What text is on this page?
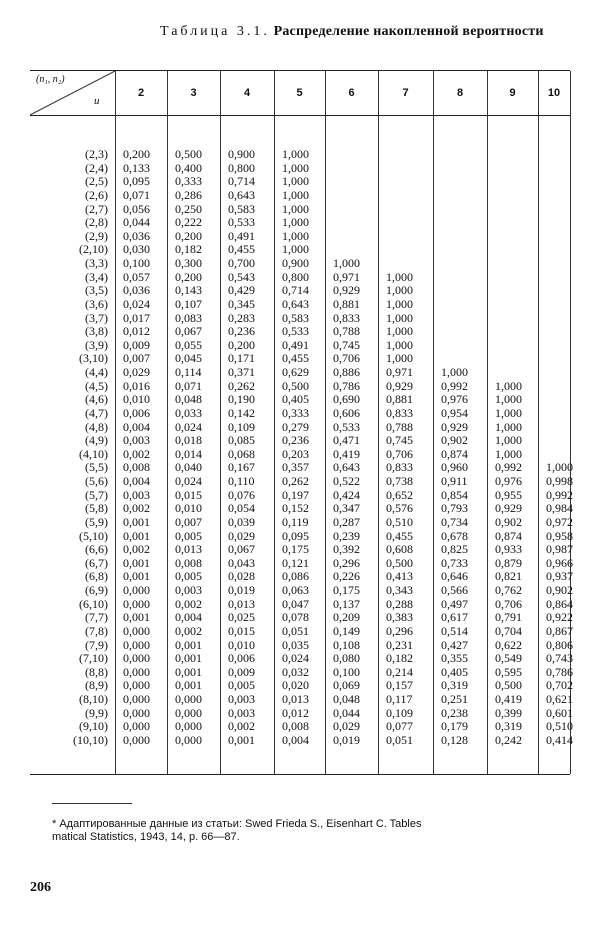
Таблица 3.1. Распределение накопленной вероятности
(n₁, n₂)
u
2	3	4	5	6	7	8	9	10
(2,3) 0,200 0,500 0,900 1,000
(2,4) 0,133 0,400 0,800 1,000
(2,5) 0,095 0,333 0,714 1,000
(2,6) 0,071 0,286 0,643 1,000
(2,7) 0,056 0,250 0,583 1,000
(2,8) 0,044 0,222 0,533 1,000
(2,9) 0,036 0,200 0,491 1,000
(2,10) 0,030 0,182 0,455 1,000
(3,3) 0,100 0,300 0,700 0,900 1,000
(3,4) 0,057 0,200 0,543 0,800 0,971 1,000
(3,5) 0,036 0,143 0,429 0,714 0,929 1,000
(3,6) 0,024 0,107 0,345 0,643 0,881 1,000
(3,7) 0,017 0,083 0,283 0,583 0,833 1,000
(3,8) 0,012 0,067 0,236 0,533 0,788 1,000
(3,9) 0,009 0,055 0,200 0,491 0,745 1,000
(3,10) 0,007 0,045 0,171 0,455 0,706 1,000
(4,4) 0,029 0,114 0,371 0,629 0,886 0,971 1,000
(4,5) 0,016 0,071 0,262 0,500 0,786 0,929 0,992 1,000
(4,6) 0,010 0,048 0,190 0,405 0,690 0,881 0,976 1,000
(4,7) 0,006 0,033 0,142 0,333 0,606 0,833 0,954 1,000
(4,8) 0,004 0,024 0,109 0,279 0,533 0,788 0,929 1,000
(4,9) 0,003 0,018 0,085 0,236 0,471 0,745 0,902 1,000
(4,10) 0,002 0,014 0,068 0,203 0,419 0,706 0,874 1,000
(5,5) 0,008 0,040 0,167 0,357 0,643 0,833 0,960 0,992 1,000
(5,6) 0,004 0,024 0,110 0,262 0,522 0,738 0,911 0,976 0,998
(5,7) 0,003 0,015 0,076 0,197 0,424 0,652 0,854 0,955 0,992
(5,8) 0,002 0,010 0,054 0,152 0,347 0,576 0,793 0,929 0,984
(5,9) 0,001 0,007 0,039 0,119 0,287 0,510 0,734 0,902 0,972
(5,10) 0,001 0,005 0,029 0,095 0,239 0,455 0,678 0,874 0,958
(6,6) 0,002 0,013 0,067 0,175 0,392 0,608 0,825 0,933 0,987
(6,7) 0,001 0,008 0,043 0,121 0,296 0,500 0,733 0,879 0,966
(6,8) 0,001 0,005 0,028 0,086 0,226 0,413 0,646 0,821 0,937
(6,9) 0,000 0,003 0,019 0,063 0,175 0,343 0,566 0,762 0,902
(6,10) 0,000 0,002 0,013 0,047 0,137 0,288 0,497 0,706 0,864
(7,7) 0,001 0,004 0,025 0,078 0,209 0,383 0,617 0,791 0,922
(7,8) 0,000 0,002 0,015 0,051 0,149 0,296 0,514 0,704 0,867
(7,9) 0,000 0,001 0,010 0,035 0,108 0,231 0,427 0,622 0,806
(7,10) 0,000 0,001 0,006 0,024 0,080 0,182 0,355 0,549 0,743
(8,8) 0,000 0,001 0,009 0,032 0,100 0,214 0,405 0,595 0,786
(8,9) 0,000 0,001 0,005 0,020 0,069 0,157 0,319 0,500 0,702
(8,10) 0,000 0,000 0,003 0,013 0,048 0,117 0,251 0,419 0,621
(9,9) 0,000 0,000 0,003 0,012 0,044 0,109 0,238 0,399 0,601
(9,10) 0,000 0,000 0,002 0,008 0,029 0,077 0,179 0,319 0,510
(10,10) 0,000 0,000 0,001 0,004 0,019 0,051 0,128 0,242 0,414
* Адаптированные данные из статьи: Swed Frieda S., Eisenhart C. Tables
matical Statistics, 1943, 14, p. 66—87.
206
